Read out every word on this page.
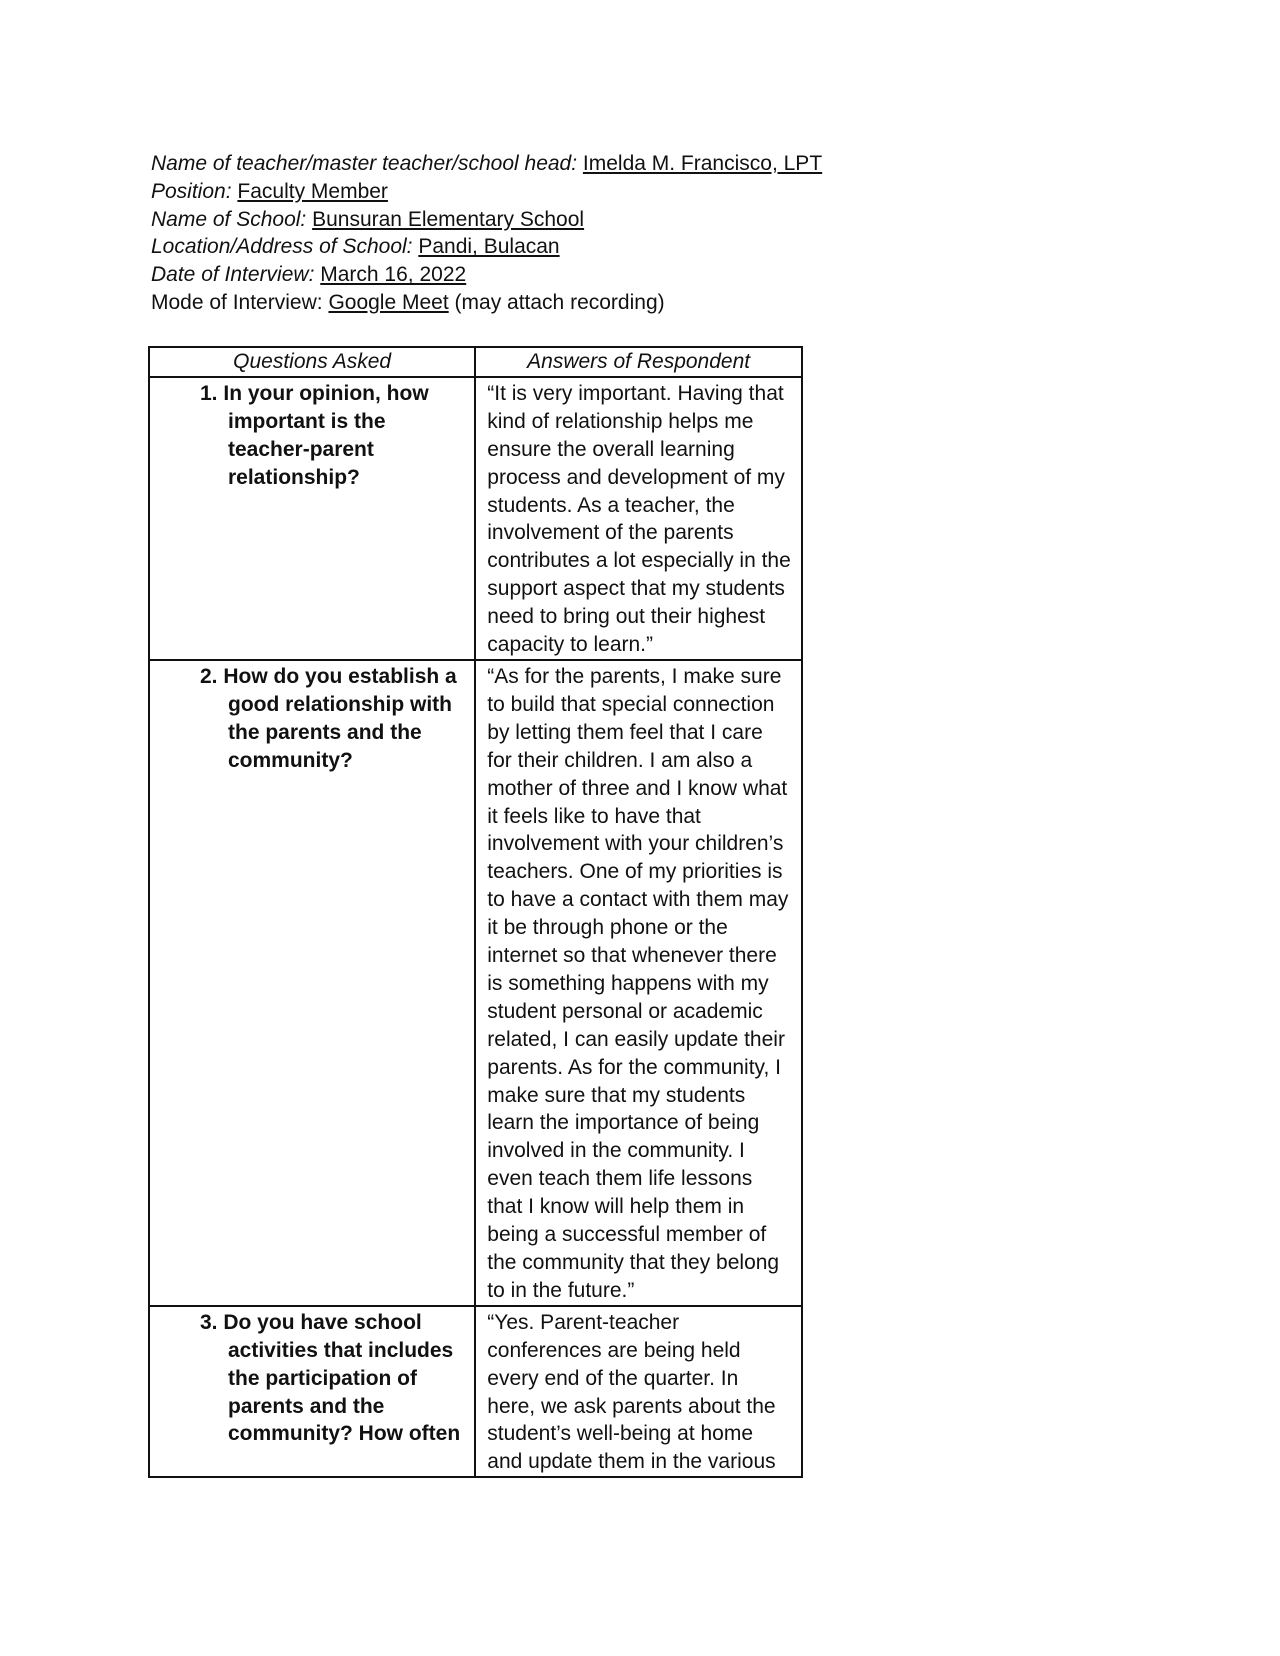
Name of teacher/master teacher/school head: Imelda M. Francisco, LPT
Position: Faculty Member
Name of School: Bunsuran Elementary School
Location/Address of School: Pandi, Bulacan
Date of Interview: March 16, 2022
Mode of Interview: Google Meet (may attach recording)
Questions Asked	Answers of Respondent

1. In your opinion, how important is the teacher-parent relationship?	“It is very important. Having that kind of relationship helps me ensure the overall learning process and development of my students. As a teacher, the involvement of the parents contributes a lot especially in the support aspect that my students need to bring out their highest capacity to learn.”

2. How do you establish a good relationship with the parents and the community?	“As for the parents, I make sure to build that special connection by letting them feel that I care for their children. I am also a mother of three and I know what it feels like to have that involvement with your children’s teachers. One of my priorities is to have a contact with them may it be through phone or the internet so that whenever there is something happens with my student personal or academic related, I can easily update their parents. As for the community, I make sure that my students learn the importance of being involved in the community. I even teach them life lessons that I know will help them in being a successful member of the community that they belong to in the future.”

3. Do you have school activities that includes the participation of parents and the community? How often	“Yes. Parent-teacher conferences are being held every end of the quarter. In here, we ask parents about the student’s well-being at home and update them in the various
